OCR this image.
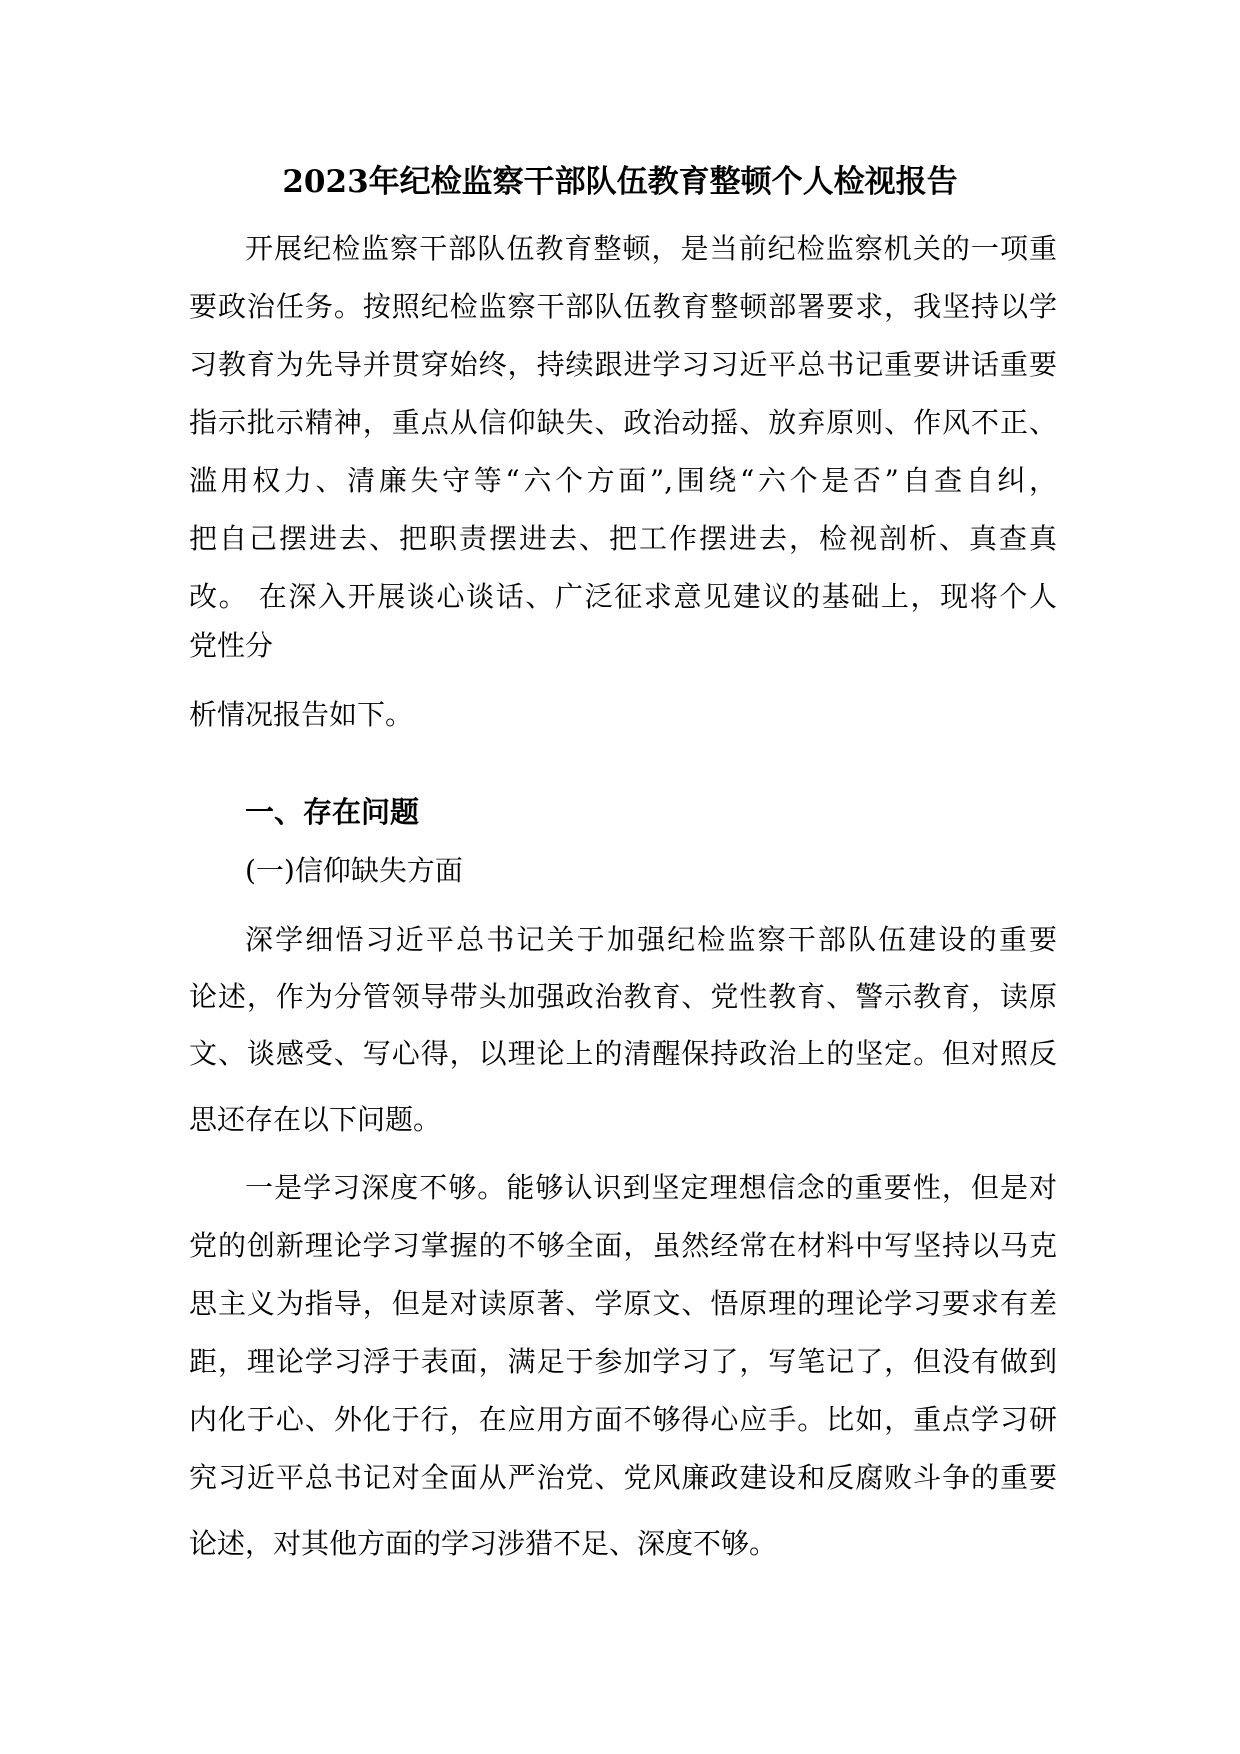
2023年纪检监察干部队伍教育整顿个人检视报告

开展纪检监察干部队伍教育整顿，是当前纪检监察机关的一项重

要政治任务。按照纪检监察干部队伍教育整顿部署要求，我坚持以学

习教育为先导并贯穿始终，持续跟进学习习近平总书记重要讲话重要

指示批示精神，重点从信仰缺失、政治动摇、放弃原则、作风不正、

滥用权力、清廉失守等“六个方面”,围绕“六个是否”自查自纠，

把自己摆进去、把职责摆进去、把工作摆进去，检视剖析、真查真

改。 在深入开展谈心谈话、广泛征求意见建议的基础上，现将个人

党性分

析情况报告如下。

一、存在问题

(一)信仰缺失方面

深学细悟习近平总书记关于加强纪检监察干部队伍建设的重要

论述，作为分管领导带头加强政治教育、党性教育、警示教育，读原

文、谈感受、写心得，以理论上的清醒保持政治上的坚定。但对照反

思还存在以下问题。

一是学习深度不够。能够认识到坚定理想信念的重要性，但是对

党的创新理论学习掌握的不够全面，虽然经常在材料中写坚持以马克

思主义为指导，但是对读原著、学原文、悟原理的理论学习要求有差

距，理论学习浮于表面，满足于参加学习了，写笔记了，但没有做到

内化于心、外化于行，在应用方面不够得心应手。比如，重点学习研

究习近平总书记对全面从严治党、党风廉政建设和反腐败斗争的重要

论述，对其他方面的学习涉猎不足、深度不够。
